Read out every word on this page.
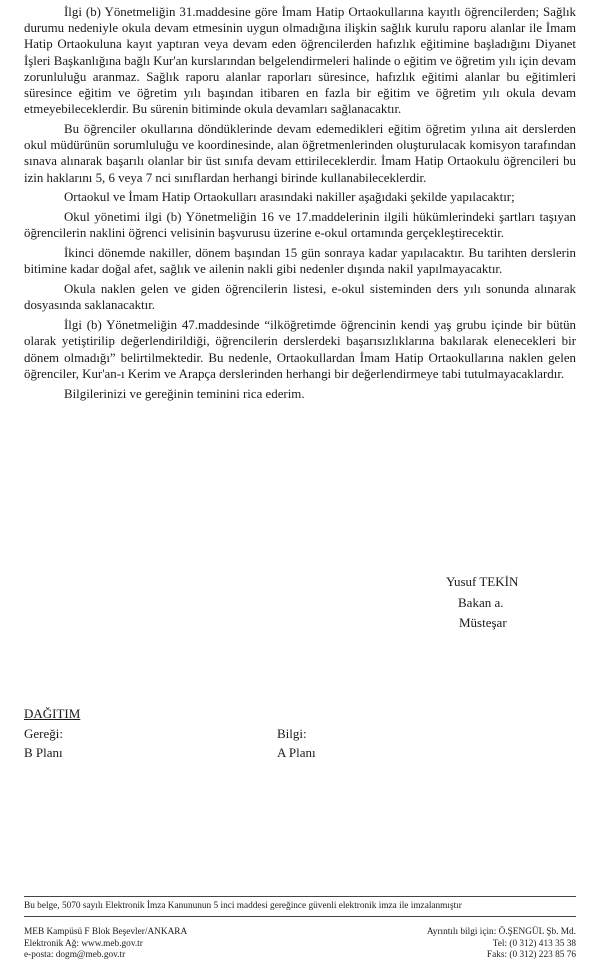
İlgi (b) Yönetmeliğin 31.maddesine göre İmam Hatip Ortaokullarına kayıtlı öğrencilerden; Sağlık durumu nedeniyle okula devam etmesinin uygun olmadığına ilişkin sağlık kurulu raporu alanlar ile İmam Hatip Ortaokuluna kayıt yaptıran veya devam eden öğrencilerden hafızlık eğitimine başladığını Diyanet İşleri Başkanlığına bağlı Kur'an kurslarından belgelendirmeleri halinde o eğitim ve öğretim yılı için devam zorunluluğu aranmaz. Sağlık raporu alanlar raporları süresince, hafızlık eğitimi alanlar bu eğitimleri süresince eğitim ve öğretim yılı başından itibaren en fazla bir eğitim ve öğretim yılı okula devam etmeyebileceklerdir. Bu sürenin bitiminde okula devamları sağlanacaktır.

Bu öğrenciler okullarına döndüklerinde devam edemedikleri eğitim öğretim yılına ait derslerden okul müdürünün sorumluluğu ve koordinesinde, alan öğretmenlerinden oluşturulacak komisyon tarafından sınava alınarak başarılı olanlar bir üst sınıfa devam ettirileceklerdir. İmam Hatip Ortaokulu öğrencileri bu izin haklarını 5, 6 veya 7 nci sınıflardan herhangi birinde kullanabileceklerdir.

Ortaokul ve İmam Hatip Ortaokulları arasındaki nakiller aşağıdaki şekilde yapılacaktır;

Okul yönetimi ilgi (b) Yönetmeliğin 16 ve 17.maddelerinin ilgili hükümlerindeki şartları taşıyan öğrencilerin naklini öğrenci velisinin başvurusu üzerine e-okul ortamında gerçekleştirecektir.

İkinci dönemde nakiller, dönem başından 15 gün sonraya kadar yapılacaktır. Bu tarihten derslerin bitimine kadar doğal afet, sağlık ve ailenin nakli gibi nedenler dışında nakil yapılmayacaktır.

Okula naklen gelen ve giden öğrencilerin listesi, e-okul sisteminden ders yılı sonunda alınarak dosyasında saklanacaktır.

İlgi (b) Yönetmeliğin 47.maddesinde “ilköğretimde öğrencinin kendi yaş grubu içinde bir bütün olarak yetiştirilip değerlendirildiği, öğrencilerin derslerdeki başarısızlıklarına bakılarak elenecekleri bir dönem olmadığı” belirtilmektedir. Bu nedenle, Ortaokullardan İmam Hatip Ortaokullarına naklen gelen öğrenciler, Kur'an-ı Kerim ve Arapça derslerinden herhangi bir değerlendirmeye tabi tutulmayacaklardır.

Bilgilerinizi ve gereğinin teminini rica ederim.

Yusuf TEKİN
Bakan a.
Müsteşar
DAĞITIM
Gereği:
B Planı
Bilgi:
A Planı
Bu belge, 5070 sayılı Elektronik İmza Kanununun 5 inci maddesi gereğince güvenli elektronik imza ile imzalanmıştır
MEB Kampüsü F Blok Beşevler/ANKARA
Elektronik Ağ: www.meb.gov.tr
e-posta: dogm@meb.gov.tr
Ayrıntılı bilgi için: Ö.ŞENGÜL Şb. Md.
Tel: (0 312) 413 35 38
Faks: (0 312) 223 85 76
